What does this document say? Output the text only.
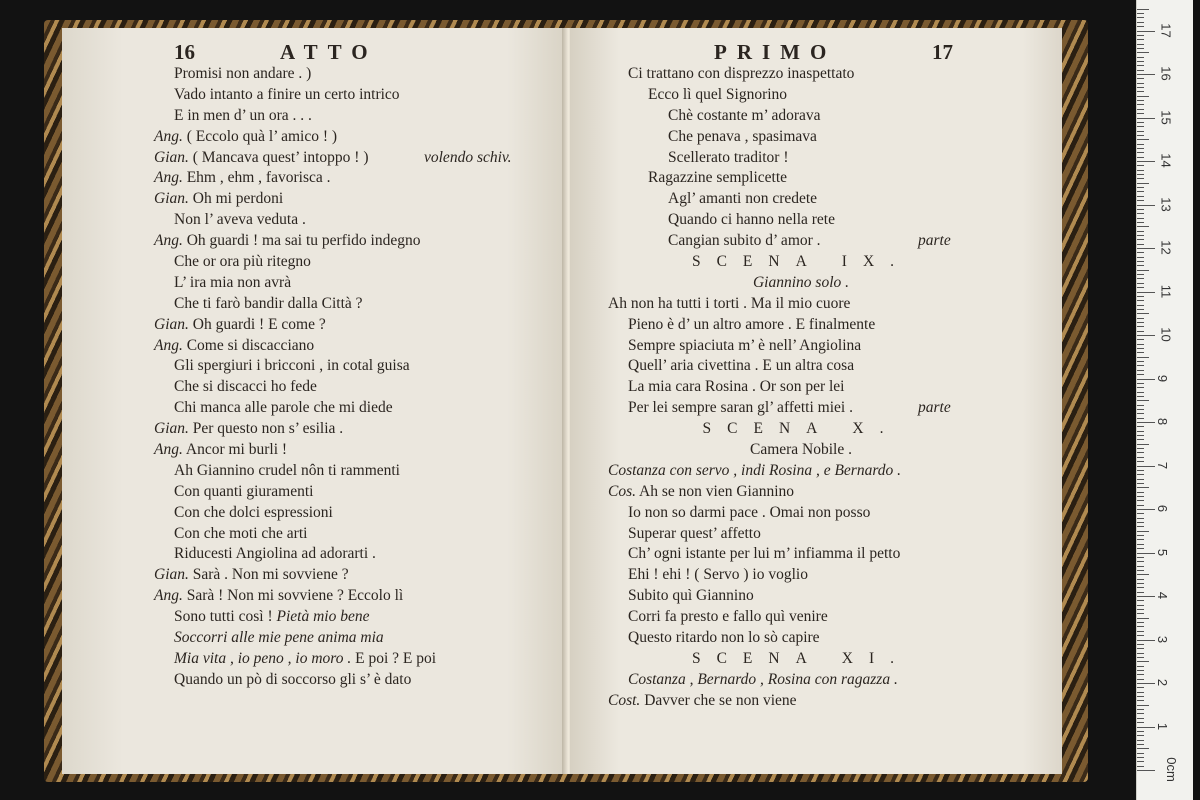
16	ATTO
Promisi non andare . )
Vado intanto a finire un certo intrico
E in men d’ un ora . . .
Ang. ( Eccolo quà l’ amico ! )
Gian. ( Mancava quest’ intoppo ! )	volendo schiv.
Ang. Ehm , ehm , favorisca .
Gian. Oh mi perdoni
Non l’ aveva veduta .
Ang. Oh guardi ! ma sai tu perfido indegno
Che or ora più ritegno
L’ ira mia non avrà
Che ti farò bandir dalla Città ?
Gian. Oh guardi ! E come ?
Ang. Come si discacciano
Gli spergiuri i bricconi , in cotal guisa
Che si discacci ho fede
Chi manca alle parole che mi diede
Gian. Per questo non s’ esilia .
Ang. Ancor mi burli !
Ah Giannino crudel nôn ti rammenti
Con quanti giuramenti
Con che dolci espressioni
Con che moti che arti
Riducesti Angiolina ad adorarti .
Gian. Sarà . Non mi sovviene ?
Ang. Sarà ! Non mi sovviene ? Eccolo lì
Sono tutti così ! Pietà mio bene
Soccorri alle mie pene anima mia
Mia vita , io peno , io moro . E poi ? E poi
Quando un pò di soccorso gli s’ è dato
PRIMO	17
Ci trattano con disprezzo inaspettato
Ecco lì quel Signorino
Chè costante m’ adorava
Che penava , spasimava
Scellerato traditor !
Ragazzine semplicette
Agl’ amanti non credete
Quando ci hanno nella rete
Cangian subito d’ amor .	parte
SCENA IX.
Giannino solo .
Ah non ha tutti i torti . Ma il mio cuore
Pieno è d’ un altro amore . E finalmente
Sempre spiaciuta m’ è nell’ Angiolina
Quell’ aria civettina . E un altra cosa
La mia cara Rosina . Or son per lei
Per lei sempre saran gl’ affetti miei .	parte
SCENA X.
Camera Nobile .
Costanza con servo , indi Rosina , e Bernardo .
Cos. Ah se non vien Giannino
Io non so darmi pace . Omai non posso
Superar quest’ affetto
Ch’ ogni istante per lui m’ infiamma il petto
Ehi ! ehi ! ( Servo ) io voglio
Subito quì Giannino
Corri fa presto e fallo quì venire
Questo ritardo non lo sò capire
SCENA XI.
Costanza , Bernardo , Rosina con ragazza .
Cost. Davver che se non viene
0cm
1
2
3
4
5
6
7
8
9
10
11
12
13
14
15
16
17
